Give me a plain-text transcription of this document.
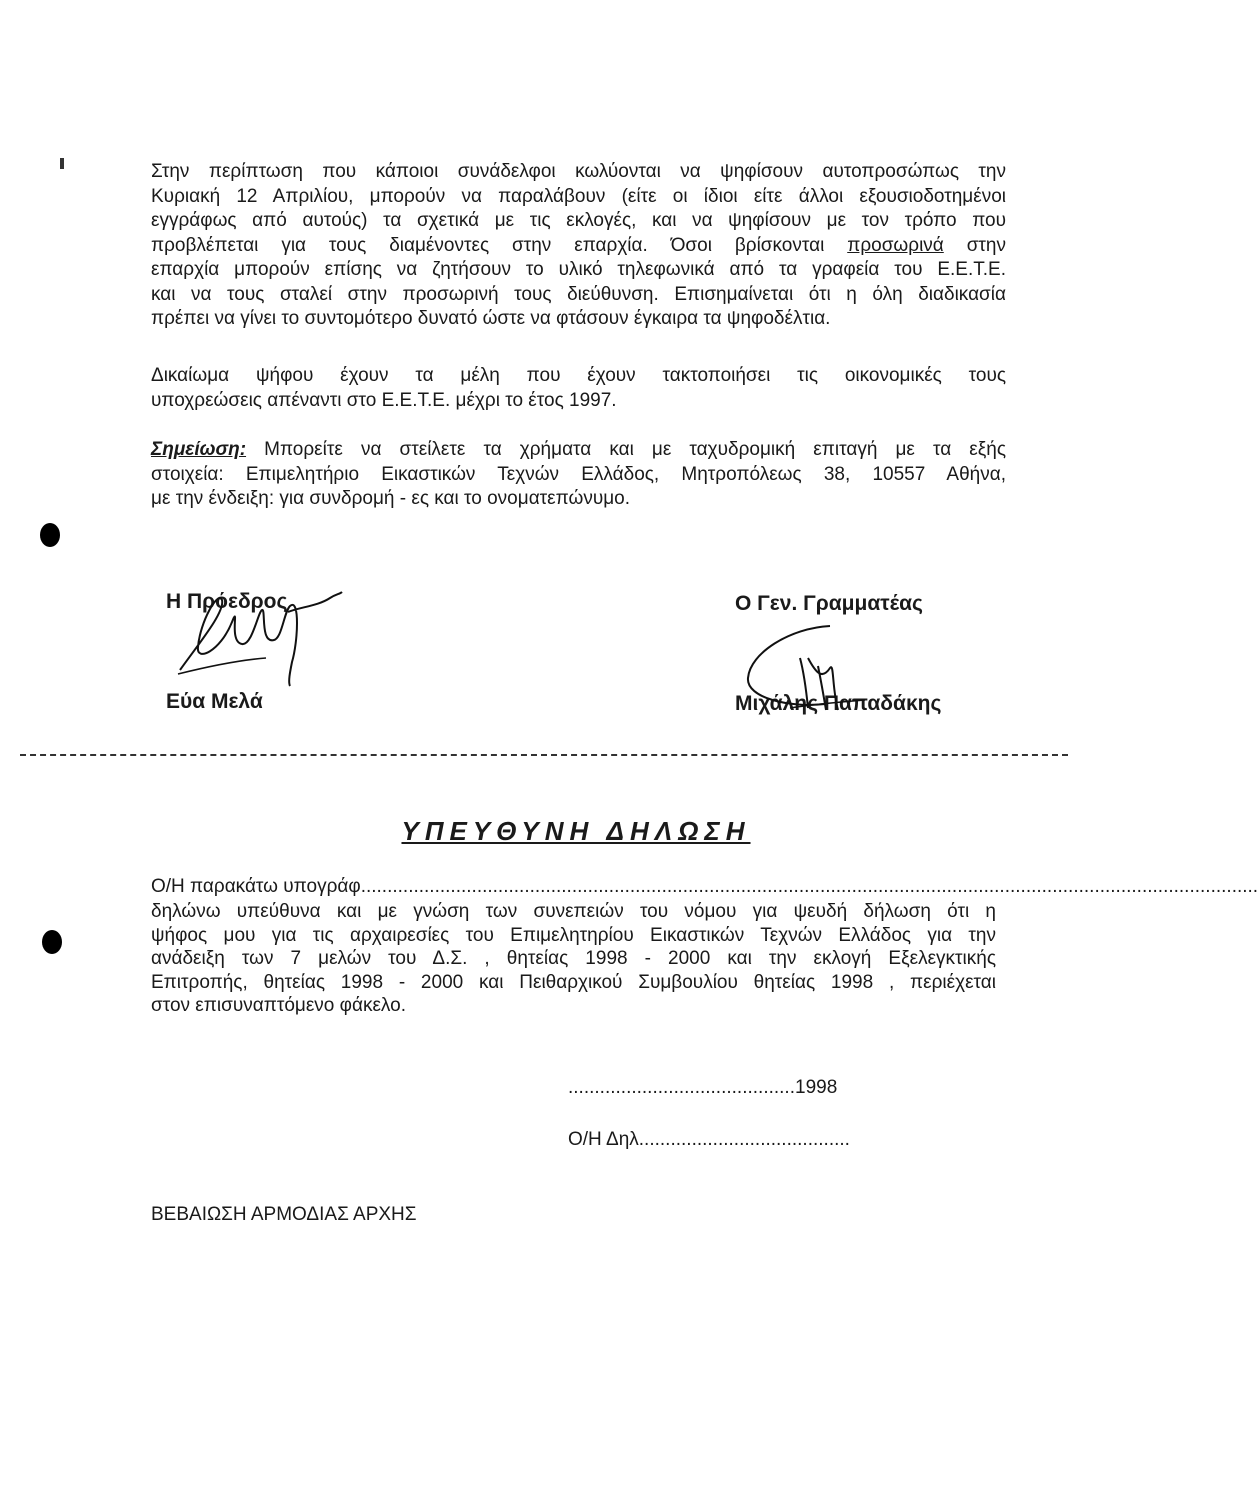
Στην περίπτωση που κάποιοι συνάδελφοι κωλύονται να ψηφίσουν αυτοπροσώπως την
Κυριακή 12 Απριλίου, μπορούν να παραλάβουν (είτε οι ίδιοι είτε άλλοι εξουσιοδοτημένοι
εγγράφως από αυτούς) τα σχετικά με τις εκλογές, και να ψηφίσουν με τον τρόπο που
προβλέπεται για τους διαμένοντες στην επαρχία. Όσοι βρίσκονται προσωρινά στην
επαρχία μπορούν επίσης να ζητήσουν το υλικό τηλεφωνικά από τα γραφεία του Ε.Ε.Τ.Ε.
και να τους σταλεί στην προσωρινή τους διεύθυνση. Επισημαίνεται ότι η όλη διαδικασία
πρέπει να γίνει το συντομότερο δυνατό ώστε να φτάσουν έγκαιρα τα ψηφοδέλτια.
Δικαίωμα ψήφου έχουν τα μέλη που έχουν τακτοποιήσει τις οικονομικές τους
υποχρεώσεις απέναντι στο Ε.Ε.Τ.Ε. μέχρι το έτος 1997.
Σημείωση: Μπορείτε να στείλετε τα χρήματα και με ταχυδρομική επιταγή με τα εξής
στοιχεία: Επιμελητήριο Εικαστικών Τεχνών Ελλάδος, Μητροπόλεως 38, 10557 Αθήνα,
με την ένδειξη: για συνδρομή - ες και το ονοματεπώνυμο.
Η Πρόεδρος
Εύα Μελά
Ο Γεν. Γραμματέας
Μιχάλης Παπαδάκης
ΥΠΕΥΘΥΝΗ ΔΗΛΩΣΗ
Ο/Η παρακάτω υπογράφ..........................................................................................................................................................................
δηλώνω υπεύθυνα και με γνώση των συνεπειών του νόμου για ψευδή δήλωση ότι η
ψήφος μου για τις αρχαιρεσίες του Επιμελητηρίου Εικαστικών Τεχνών Ελλάδος για την
ανάδειξη των 7 μελών του Δ.Σ. , θητείας 1998 - 2000 και την εκλογή Εξελεγκτικής
Επιτροπής, θητείας 1998 - 2000 και Πειθαρχικού Συμβουλίου θητείας 1998 , περιέχεται
στον επισυναπτόμενο φάκελο.
...........................................1998
Ο/Η Δηλ........................................
ΒΕΒΑΙΩΣΗ ΑΡΜΟΔΙΑΣ ΑΡΧΗΣ
